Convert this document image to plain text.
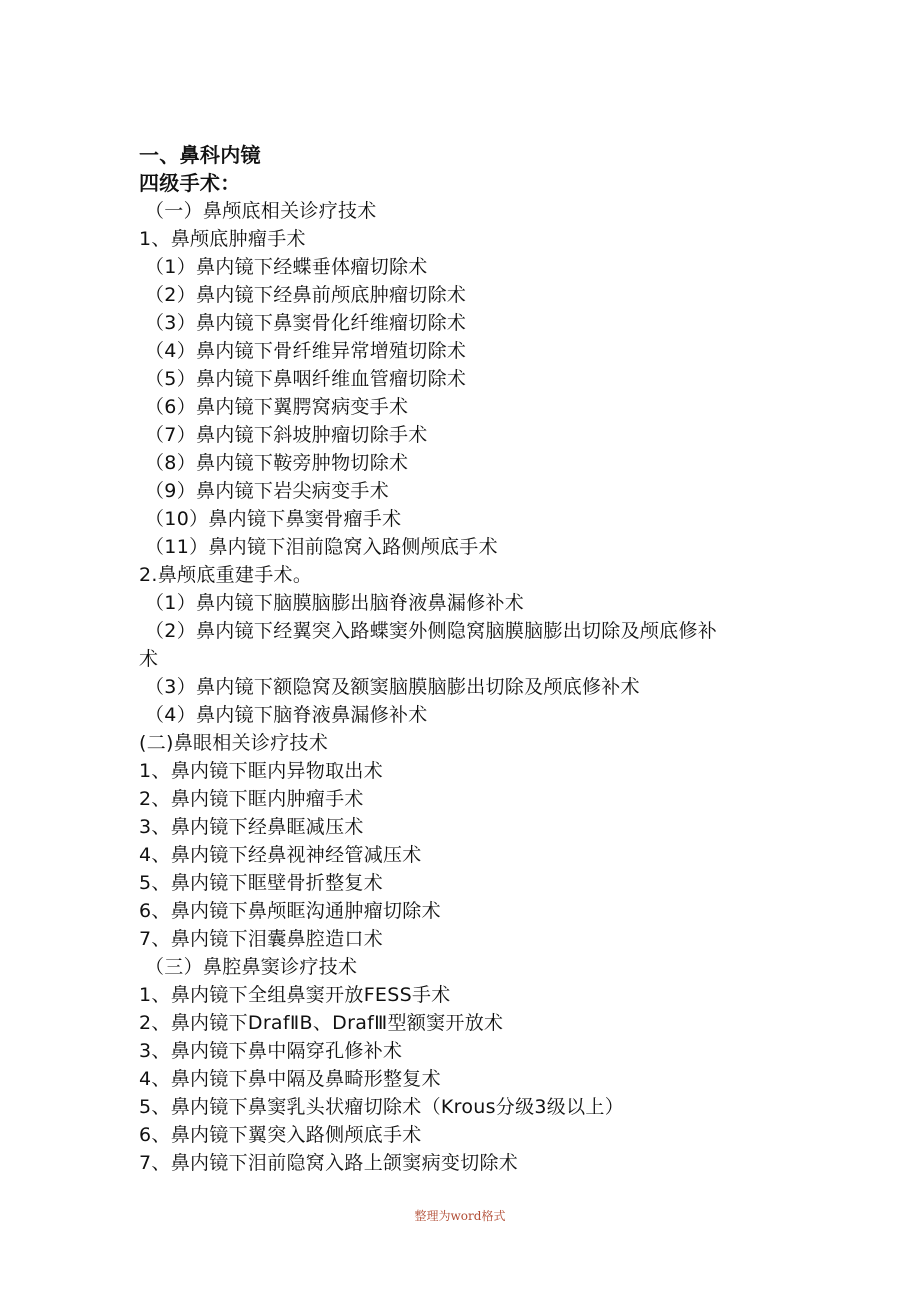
一、鼻科内镜
四级手术：
（一）鼻颅底相关诊疗技术
1、鼻颅底肿瘤手术
（1）鼻内镜下经蝶垂体瘤切除术
（2）鼻内镜下经鼻前颅底肿瘤切除术
（3）鼻内镜下鼻窦骨化纤维瘤切除术
（4）鼻内镜下骨纤维异常增殖切除术
（5）鼻内镜下鼻咽纤维血管瘤切除术
（6）鼻内镜下翼腭窝病变手术
（7）鼻内镜下斜坡肿瘤切除手术
（8）鼻内镜下鞍旁肿物切除术
（9）鼻内镜下岩尖病变手术
（10）鼻内镜下鼻窦骨瘤手术
（11）鼻内镜下泪前隐窝入路侧颅底手术
2.鼻颅底重建手术。
（1）鼻内镜下脑膜脑膨出脑脊液鼻漏修补术
（2）鼻内镜下经翼突入路蝶窦外侧隐窝脑膜脑膨出切除及颅底修补
术
（3）鼻内镜下额隐窝及额窦脑膜脑膨出切除及颅底修补术
（4）鼻内镜下脑脊液鼻漏修补术
(二)鼻眼相关诊疗技术
1、鼻内镜下眶内异物取出术
2、鼻内镜下眶内肿瘤手术
3、鼻内镜下经鼻眶减压术
4、鼻内镜下经鼻视神经管减压术
5、鼻内镜下眶壁骨折整复术
6、鼻内镜下鼻颅眶沟通肿瘤切除术
7、鼻内镜下泪囊鼻腔造口术
（三）鼻腔鼻窦诊疗技术
1、鼻内镜下全组鼻窦开放FESS手术
2、鼻内镜下DrafⅡB、DrafⅢ型额窦开放术
3、鼻内镜下鼻中隔穿孔修补术
4、鼻内镜下鼻中隔及鼻畸形整复术
5、鼻内镜下鼻窦乳头状瘤切除术（Krous分级3级以上）
6、鼻内镜下翼突入路侧颅底手术
7、鼻内镜下泪前隐窝入路上颌窦病变切除术
整理为word格式
